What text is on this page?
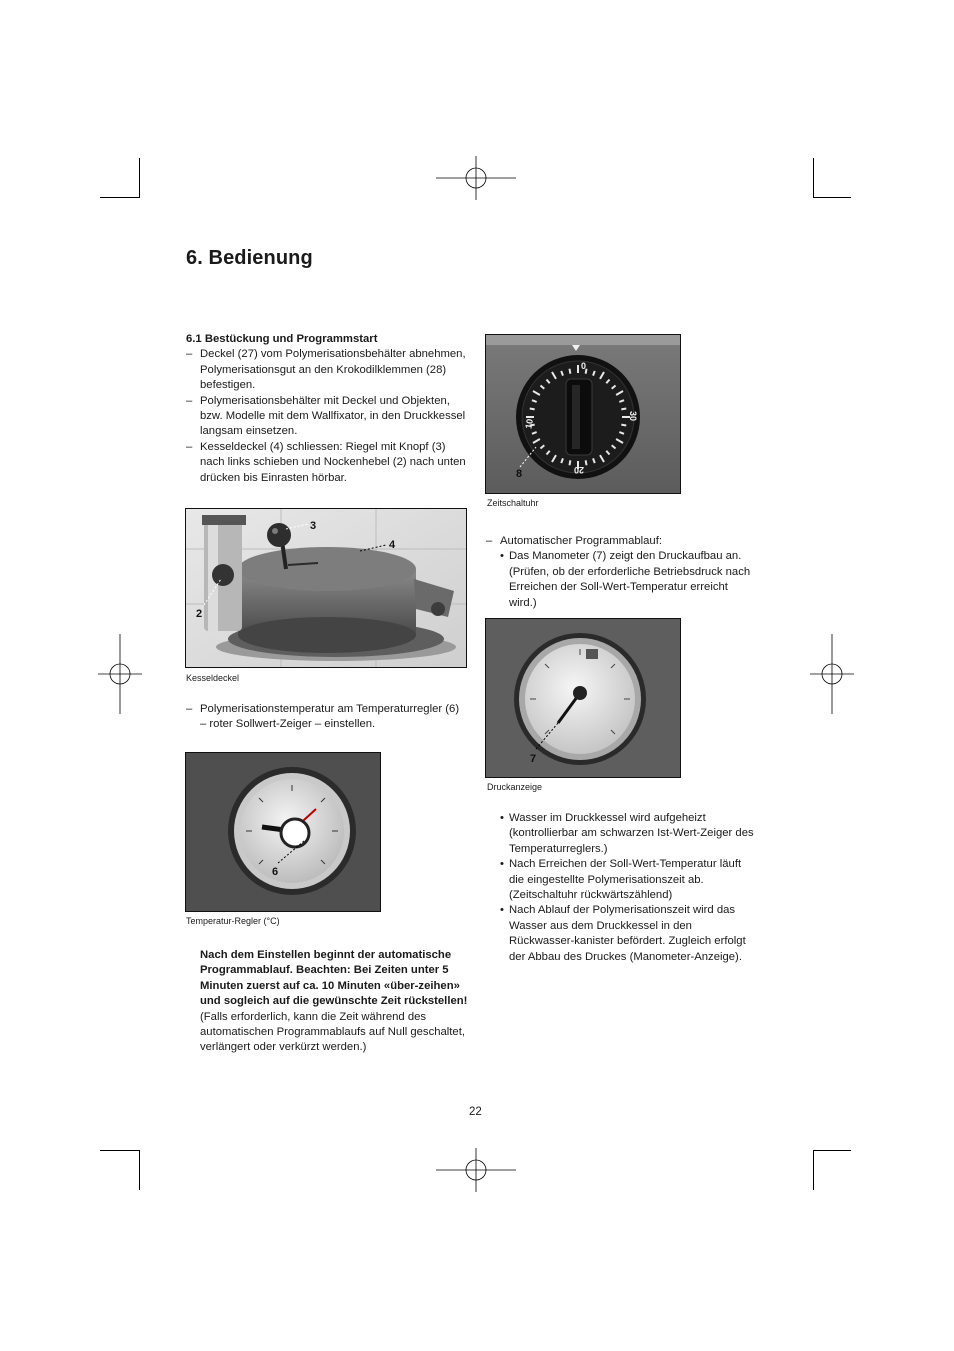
6. Bedienung
6.1 Bestückung und Programmstart
– Deckel (27) vom Polymerisationsbehälter abnehmen, Polymerisationsgut an den Krokodilklemmen (28) befestigen.
– Polymerisationsbehälter mit Deckel und Objekten, bzw. Modelle mit dem Wallfixator, in den Druckkessel langsam einsetzen.
– Kesseldeckel (4) schliessen: Riegel mit Knopf (3) nach links schieben und Nockenhebel (2) nach unten drücken bis Einrasten hörbar.
3
4
2
Kesseldeckel
– Polymerisationstemperatur am Temperaturregler (6) – roter Sollwert-Zeiger – einstellen.
6
Temperatur-Regler (°C)
Nach dem Einstellen beginnt der automatische Programmablauf. Beachten: Bei Zeiten unter 5 Minuten zuerst auf ca. 10 Minuten «über-zeihen» und sogleich auf die gewünschte Zeit rückstellen! (Falls erforderlich, kann die Zeit während des automatischen Programmablaufs auf Null geschaltet, verlängert oder verkürzt werden.)
0
10
20
30
8
Zeitschaltuhr
– Automatischer Programmablauf:
• Das Manometer (7) zeigt den Druckaufbau an. (Prüfen, ob der erforderliche Betriebsdruck nach Erreichen der Soll-Wert-Temperatur erreicht wird.)
7
Druckanzeige
• Wasser im Druckkessel wird aufgeheizt (kontrollierbar am schwarzen Ist-Wert-Zeiger des Temperaturreglers.)
• Nach Erreichen der Soll-Wert-Temperatur läuft die eingestellte Polymerisationszeit ab. (Zeitschaltuhr rückwärtszählend)
• Nach Ablauf der Polymerisationszeit wird das Wasser aus dem Druckkessel in den Rückwasser-kanister befördert. Zugleich erfolgt der Abbau des Druckes (Manometer-Anzeige).
22
